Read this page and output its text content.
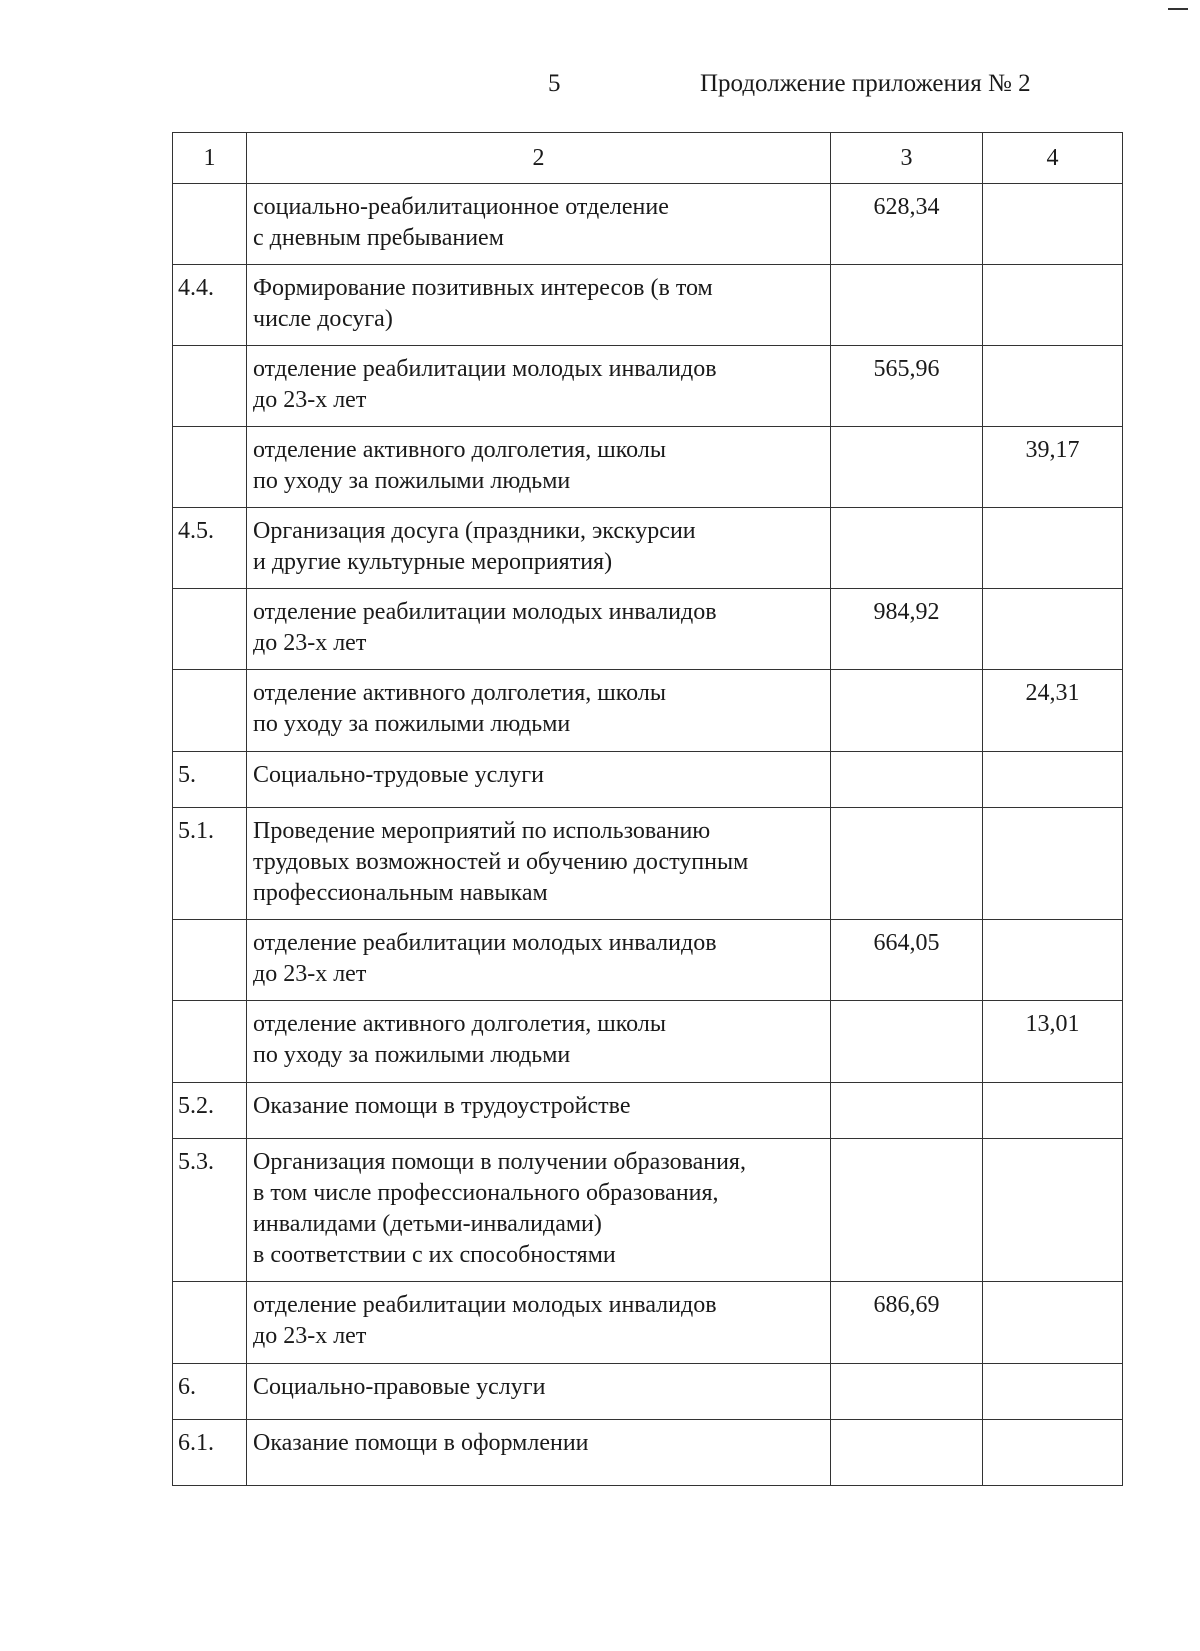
5	Продолжение приложения № 2
1	2	3	4
	социально-реабилитационное отделение
с дневным пребыванием	628,34	
4.4.	Формирование позитивных интересов (в том
числе досуга)		
	отделение реабилитации молодых инвалидов
до 23-х лет	565,96	
	отделение активного долголетия, школы
по уходу за пожилыми людьми		39,17
4.5.	Организация досуга (праздники, экскурсии
и другие культурные мероприятия)		
	отделение реабилитации молодых инвалидов
до 23-х лет	984,92	
	отделение активного долголетия, школы
по уходу за пожилыми людьми		24,31
5.	Социально-трудовые услуги		
5.1.	Проведение мероприятий по использованию
трудовых возможностей и обучению доступным
профессиональным навыкам		
	отделение реабилитации молодых инвалидов
до 23-х лет	664,05	
	отделение активного долголетия, школы
по уходу за пожилыми людьми		13,01
5.2.	Оказание помощи в трудоустройстве		
5.3.	Организация помощи в получении образования,
в том числе профессионального образования,
инвалидами (детьми-инвалидами)
в соответствии с их способностями		
	отделение реабилитации молодых инвалидов
до 23-х лет	686,69	
6.	Социально-правовые услуги		
6.1.	Оказание помощи в оформлении		
